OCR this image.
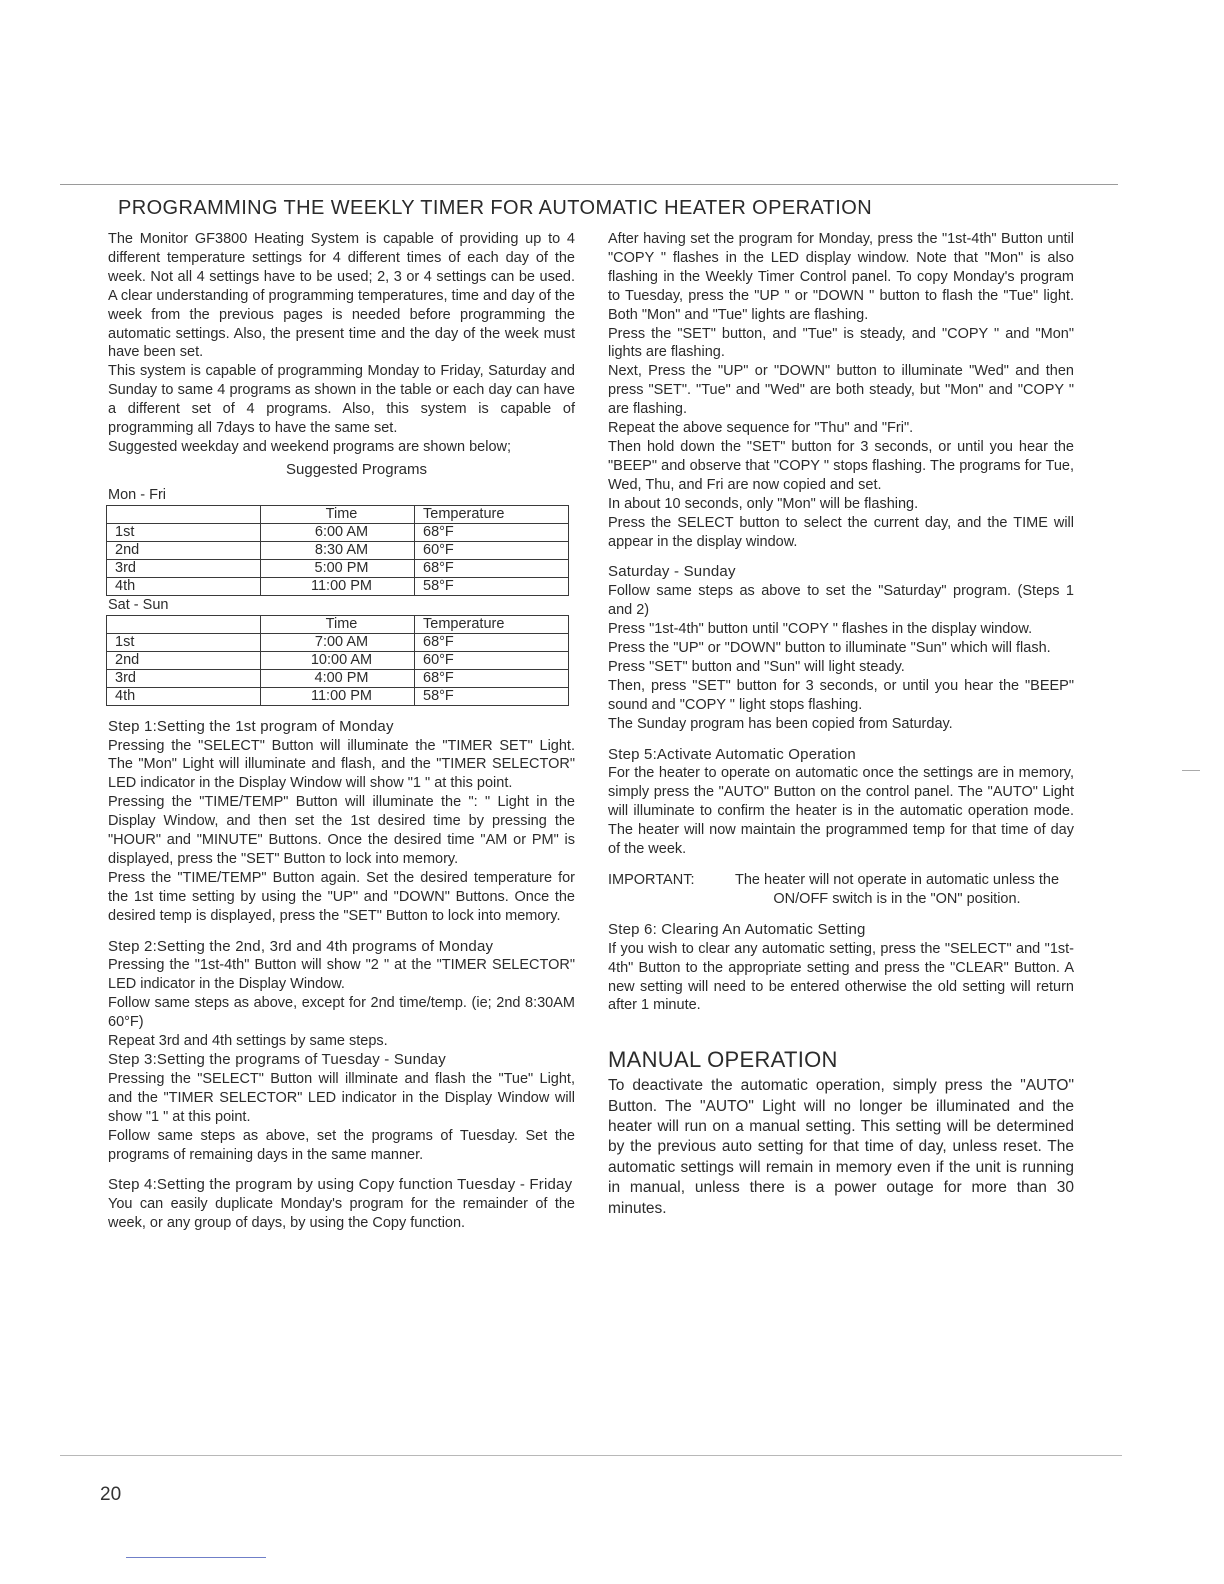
PROGRAMMING THE WEEKLY TIMER FOR AUTOMATIC HEATER OPERATION

The Monitor GF3800 Heating System is capable of providing up to 4 different temperature settings for 4 different times of each day of the week. Not all 4 settings have to be used; 2, 3 or 4 settings can be used. A clear understanding of programming temperatures, time and day of the week from the previous pages is needed before programming the automatic settings. Also, the present time and the day of the week must have been set.

This system is capable of programming Monday to Friday, Saturday and Sunday to same 4 programs as shown in the table or each day can have a different set of 4 programs. Also, this system is capable of programming all 7days to have the same set.

Suggested weekday and weekend programs are shown below;

Suggested Programs
Mon - Fri
	Time	Temperature
1st	6:00 AM	68°F
2nd	8:30 AM	60°F
3rd	5:00 PM	68°F
4th	11:00 PM	58°F
Sat - Sun
	Time	Temperature
1st	7:00 AM	68°F
2nd	10:00 AM	60°F
3rd	4:00 PM	68°F
4th	11:00 PM	58°F
Step 1:Setting the 1st program of Monday

Pressing the "SELECT" Button will illuminate the "TIMER SET" Light. The "Mon" Light will illuminate and flash, and the "TIMER SELECTOR" LED indicator in the Display Window will show "1 " at this point.

Pressing the "TIME/TEMP" Button will illuminate the ": " Light in the Display Window, and then set the 1st desired time by pressing the "HOUR" and "MINUTE" Buttons. Once the desired time "AM or PM" is displayed, press the "SET" Button to lock into memory.

Press the "TIME/TEMP" Button again. Set the desired temperature for the 1st time setting by using the "UP" and "DOWN" Buttons. Once the desired temp is displayed, press the "SET" Button to lock into memory.

Step 2:Setting the 2nd, 3rd and 4th programs of Monday

Pressing the "1st-4th" Button will show "2 " at the "TIMER SELECTOR" LED indicator in the Display Window.

Follow same steps as above, except for 2nd time/temp. (ie; 2nd 8:30AM 60°F)

Repeat 3rd and 4th settings by same steps.

Step 3:Setting the programs of Tuesday - Sunday

Pressing the "SELECT" Button will illminate and flash the "Tue" Light, and the "TIMER SELECTOR" LED indicator in the Display Window will show "1 " at this point.

Follow same steps as above, set the programs of Tuesday. Set the programs of remaining days in the same manner.

Step 4:Setting the program by using Copy function Tuesday - Friday

You can easily duplicate Monday's program for the remainder of the week, or any group of days, by using the Copy function.

After having set the program for Monday, press the "1st-4th" Button until "COPY " flashes in the LED display window. Note that "Mon" is also flashing in the Weekly Timer Control panel. To copy Monday's program to Tuesday, press the "UP " or "DOWN " button to flash the "Tue" light. Both "Mon" and "Tue" lights are flashing.

Press the "SET" button, and "Tue" is steady, and "COPY " and "Mon" lights are flashing.

Next, Press the "UP" or "DOWN" button to illuminate "Wed" and then press "SET". "Tue" and "Wed" are both steady, but "Mon" and "COPY " are flashing.

Repeat the above sequence for "Thu" and "Fri".

Then hold down the "SET" button for 3 seconds, or until you hear the "BEEP" and observe that "COPY " stops flashing. The programs for Tue, Wed, Thu, and Fri are now copied and set.

In about 10 seconds, only "Mon" will be flashing.

Press the SELECT button to select the current day, and the TIME will appear in the display window.

Saturday - Sunday

Follow same steps as above to set the "Saturday" program. (Steps 1 and 2)

Press "1st-4th" button until "COPY " flashes in the display window.

Press the "UP" or "DOWN" button to illuminate "Sun" which will flash.

Press "SET" button and "Sun" will light steady.

Then, press "SET" button for 3 seconds, or until you hear the "BEEP" sound and "COPY " light stops flashing.

The Sunday program has been copied from Saturday.

Step 5:Activate Automatic Operation

For the heater to operate on automatic once the settings are in memory, simply press the "AUTO" Button on the control panel. The "AUTO" Light will illuminate to confirm the heater is in the automatic operation mode. The heater will now maintain the programmed temp for that time of day of the week.

IMPORTANT:	The heater will not operate in automatic unless the ON/OFF switch is in the "ON" position.
Step 6: Clearing An Automatic Setting

If you wish to clear any automatic setting, press the "SELECT" and "1st-4th" Button to the appropriate setting and press the "CLEAR" Button. A new setting will need to be entered otherwise the old setting will return after 1 minute.

MANUAL OPERATION

To deactivate the automatic operation, simply press the "AUTO" Button. The "AUTO" Light will no longer be illuminated and the heater will run on a manual setting. This setting will be determined by the previous auto setting for that time of day, unless reset. The automatic settings will remain in memory even if the unit is running in manual, unless there is a power outage for more than 30 minutes.

20
